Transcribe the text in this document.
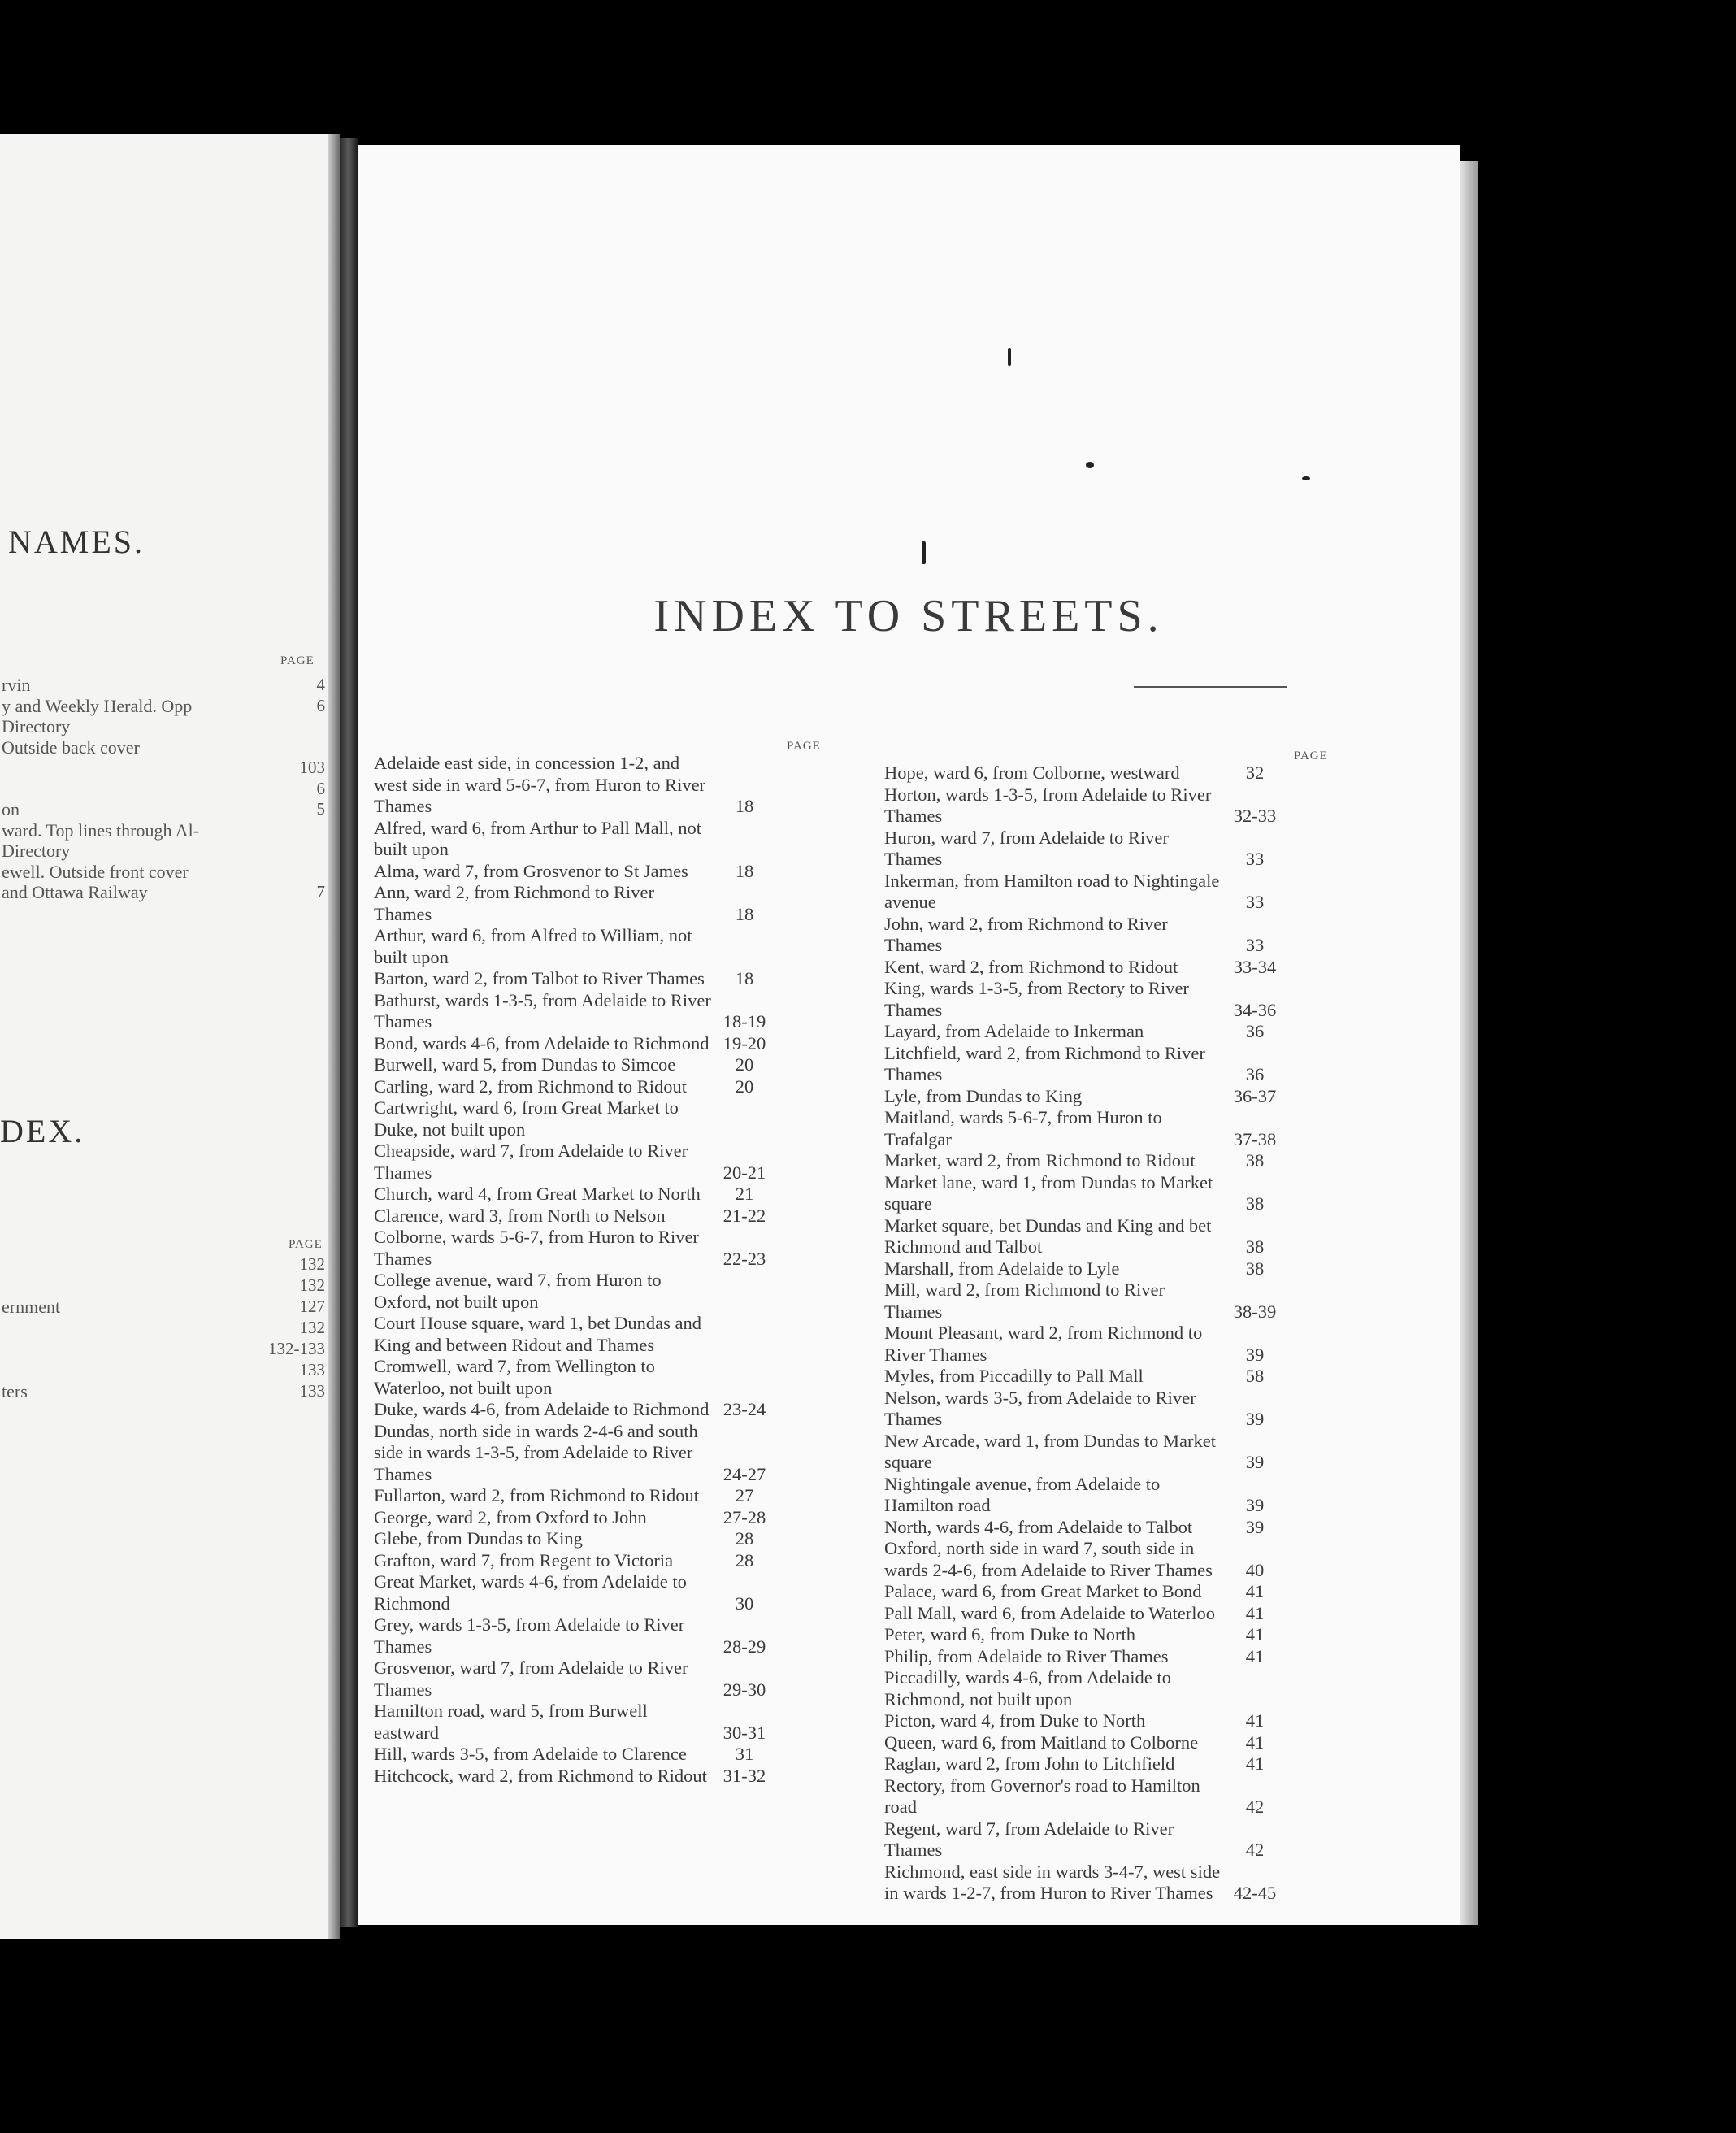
NAMES.
PAGE
rvin	4
y and Weekly Herald. Opp	6
Directory
Outside back cover
103
6
on	5
ward. Top lines through Al-
Directory
ewell. Outside front cover
and Ottawa Railway	7
DEX.
PAGE
132
132
ernment	127
132
132-133
133
ters	133
INDEX TO STREETS.
PAGE
PAGE
Adelaide east side, in concession 1-2, and west side in ward 5-6-7, from Huron to River Thames	18
Alfred, ward 6, from Arthur to Pall Mall, not built upon
Alma, ward 7, from Grosvenor to St James	18
Ann, ward 2, from Richmond to River Thames	18
Arthur, ward 6, from Alfred to William, not built upon
Barton, ward 2, from Talbot to River Thames	18
Bathurst, wards 1-3-5, from Adelaide to River Thames	18-19
Bond, wards 4-6, from Adelaide to Richmond 19-20
Burwell, ward 5, from Dundas to Simcoe	20
Carling, ward 2, from Richmond to Ridout	20
Cartwright, ward 6, from Great Market to Duke, not built upon
Cheapside, ward 7, from Adelaide to River Thames	20-21
Church, ward 4, from Great Market to North	21
Clarence, ward 3, from North to Nelson	21-22
Colborne, wards 5-6-7, from Huron to River Thames	22-23
College avenue, ward 7, from Huron to Oxford, not built upon
Court House square, ward 1, bet Dundas and King and between Ridout and Thames
Cromwell, ward 7, from Wellington to Waterloo, not built upon
Duke, wards 4-6, from Adelaide to Richmond 23-24
Dundas, north side in wards 2-4-6 and south side in wards 1-3-5, from Adelaide to River Thames	24-27
Fullarton, ward 2, from Richmond to Ridout	27
George, ward 2, from Oxford to John	27-28
Glebe, from Dundas to King	28
Grafton, ward 7, from Regent to Victoria	28
Great Market, wards 4-6, from Adelaide to Richmond	30
Grey, wards 1-3-5, from Adelaide to River Thames	28-29
Grosvenor, ward 7, from Adelaide to River Thames	29-30
Hamilton road, ward 5, from Burwell eastward	30-31
Hill, wards 3-5, from Adelaide to Clarence	31
Hitchcock, ward 2, from Richmond to Ridout 31-32
Hope, ward 6, from Colborne, westward	32
Horton, wards 1-3-5, from Adelaide to River Thames	32-33
Huron, ward 7, from Adelaide to River Thames	33
Inkerman, from Hamilton road to Nightingale avenue	33
John, ward 2, from Richmond to River Thames	33
Kent, ward 2, from Richmond to Ridout	33-34
King, wards 1-3-5, from Rectory to River Thames	34-36
Layard, from Adelaide to Inkerman	36
Litchfield, ward 2, from Richmond to River Thames	36
Lyle, from Dundas to King	36-37
Maitland, wards 5-6-7, from Huron to Trafalgar	37-38
Market, ward 2, from Richmond to Ridout	38
Market lane, ward 1, from Dundas to Market square	38
Market square, bet Dundas and King and bet Richmond and Talbot	38
Marshall, from Adelaide to Lyle	38
Mill, ward 2, from Richmond to River Thames	38-39
Mount Pleasant, ward 2, from Richmond to River Thames	39
Myles, from Piccadilly to Pall Mall	58
Nelson, wards 3-5, from Adelaide to River Thames	39
New Arcade, ward 1, from Dundas to Market square	39
Nightingale avenue, from Adelaide to Hamilton road	39
North, wards 4-6, from Adelaide to Talbot	39
Oxford, north side in ward 7, south side in wards 2-4-6, from Adelaide to River Thames	40
Palace, ward 6, from Great Market to Bond	41
Pall Mall, ward 6, from Adelaide to Waterloo	41
Peter, ward 6, from Duke to North	41
Philip, from Adelaide to River Thames	41
Piccadilly, wards 4-6, from Adelaide to Richmond, not built upon
Picton, ward 4, from Duke to North	41
Queen, ward 6, from Maitland to Colborne	41
Raglan, ward 2, from John to Litchfield	41
Rectory, from Governor's road to Hamilton road	42
Regent, ward 7, from Adelaide to River Thames	42
Richmond, east side in wards 3-4-7, west side in wards 1-2-7, from Huron to River Thames	42-45
